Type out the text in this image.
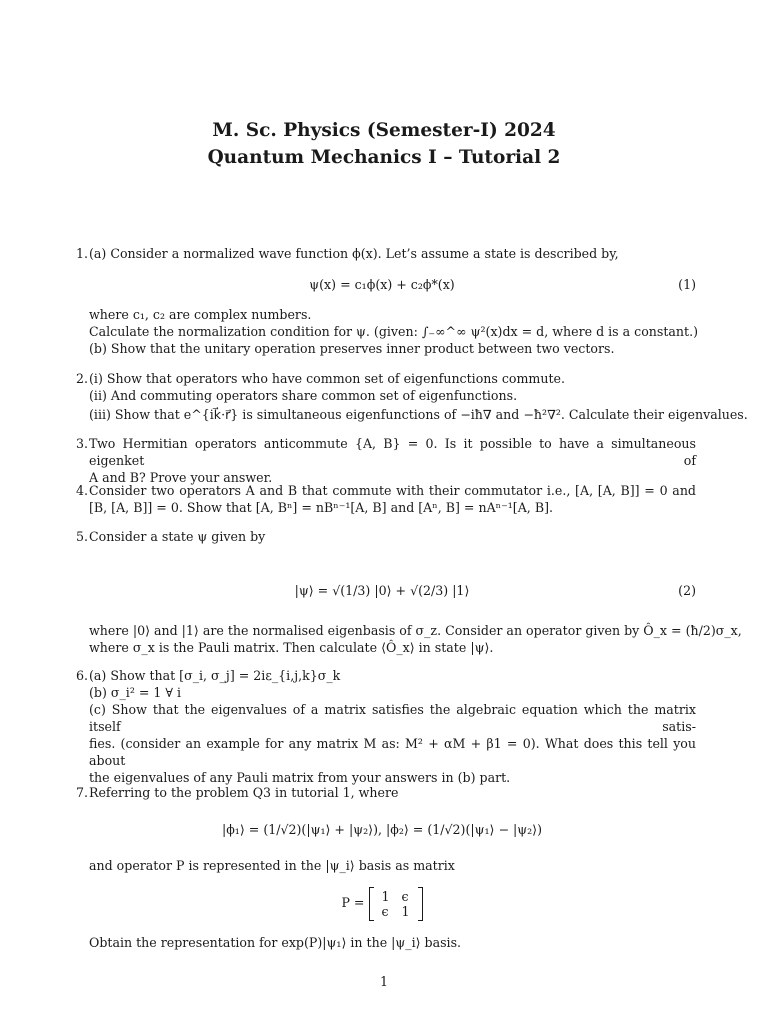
M. Sc. Physics (Semester-I) 2024
Quantum Mechanics I – Tutorial 2
1. (a) Consider a normalized wave function ϕ(x). Let’s assume a state is described by,
ψ(x) = c₁ϕ(x) + c₂ϕ*(x)	(1)
where c₁, c₂ are complex numbers.
Calculate the normalization condition for ψ. (given: ∫₋∞^∞ ψ²(x)dx = d, where d is a constant.)
(b) Show that the unitary operation preserves inner product between two vectors.
2. (i) Show that operators who have common set of eigenfunctions commute.
(ii) And commuting operators share common set of eigenfunctions.
(iii) Show that e^{ik⃗·r⃗} is simultaneous eigenfunctions of −iħ∇ and −ħ²∇². Calculate their eigenvalues.
3. Two Hermitian operators anticommute {A, B} = 0. Is it possible to have a simultaneous eigenket of
A and B? Prove your answer.
4. Consider two operators A and B that commute with their commutator i.e., [A, [A, B]] = 0 and
[B, [A, B]] = 0. Show that [A, Bⁿ] = nBⁿ⁻¹[A, B] and [Aⁿ, B] = nAⁿ⁻¹[A, B].
5. Consider a state ψ given by
|ψ⟩ = √(1/3) |0⟩ + √(2/3) |1⟩	(2)
where |0⟩ and |1⟩ are the normalised eigenbasis of σ_z. Consider an operator given by Ô_x = (ħ/2)σ_x,
where σ_x is the Pauli matrix. Then calculate ⟨Ô_x⟩ in state |ψ⟩.
6. (a) Show that [σ_i, σ_j] = 2iε_{i,j,k}σ_k
(b) σ_i² = 1 ∀ i
(c) Show that the eigenvalues of a matrix satisfies the algebraic equation which the matrix itself satis-
fies. (consider an example for any matrix M as: M² + αM + β1 = 0). What does this tell you about
the eigenvalues of any Pauli matrix from your answers in (b) part.
7. Referring to the problem Q3 in tutorial 1, where
|ϕ₁⟩ = (1/√2)(|ψ₁⟩ + |ψ₂⟩), |ϕ₂⟩ = (1/√2)(|ψ₁⟩ − |ψ₂⟩)
and operator P is represented in the |ψ_i⟩ basis as matrix
P = 1	ϵ
ϵ	1
Obtain the representation for exp(P)|ψ₁⟩ in the |ψ_i⟩ basis.
1
